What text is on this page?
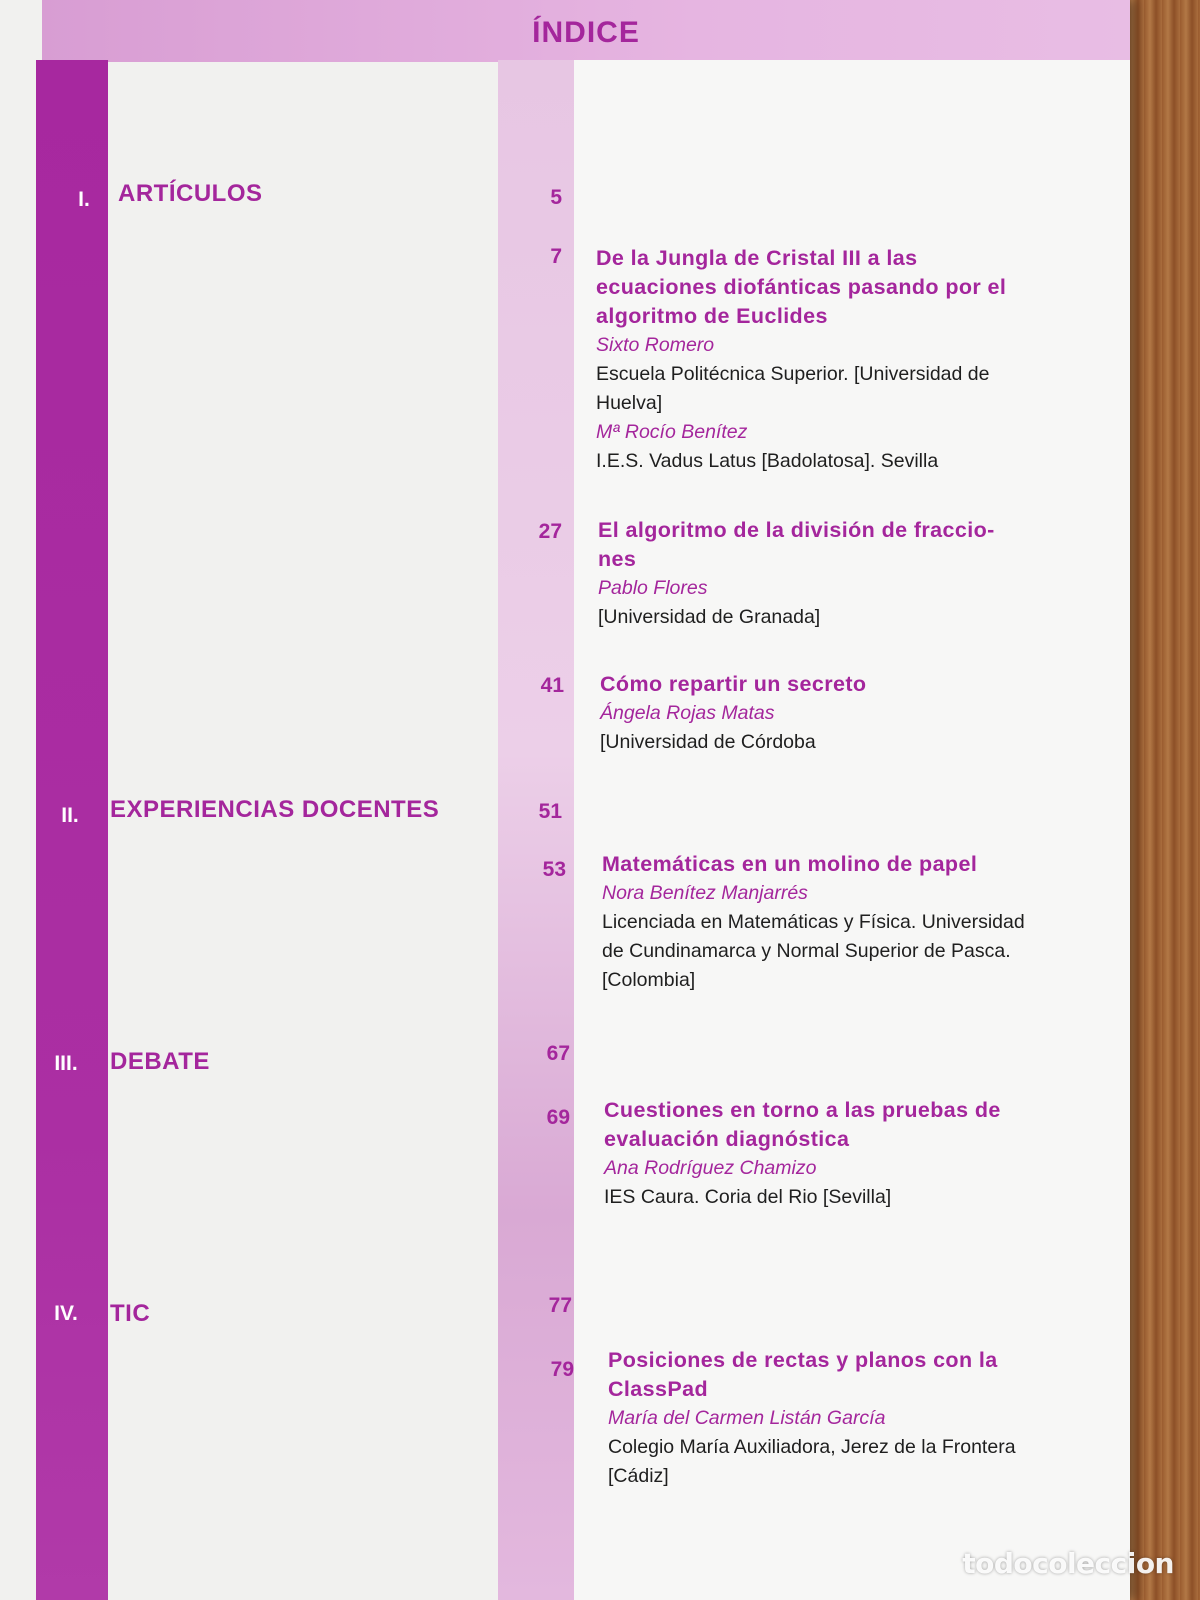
ÍNDICE
I.	ARTÍCULOS	5
7 De la Jungla de Cristal III a las
ecuaciones diofánticas pasando por el
algoritmo de Euclides
Sixto Romero
Escuela Politécnica Superior. [Universidad de
Huelva]
Mª Rocío Benítez
I.E.S. Vadus Latus [Badolatosa]. Sevilla
27 El algoritmo de la división de fraccio-
nes
Pablo Flores
[Universidad de Granada]
41 Cómo repartir un secreto
Ángela Rojas Matas
[Universidad de Córdoba
II.	EXPERIENCIAS DOCENTES	51
53 Matemáticas en un molino de papel
Nora Benítez Manjarrés
Licenciada en Matemáticas y Física. Universidad
de Cundinamarca y Normal Superior de Pasca.
[Colombia]
III.	DEBATE	67
69 Cuestiones en torno a las pruebas de
evaluación diagnóstica
Ana Rodríguez Chamizo
IES Caura. Coria del Rio [Sevilla]
IV.	TIC	77
79 Posiciones de rectas y planos con la
ClassPad
María del Carmen Listán García
Colegio María Auxiliadora, Jerez de la Frontera
[Cádiz]
todocoleccion
